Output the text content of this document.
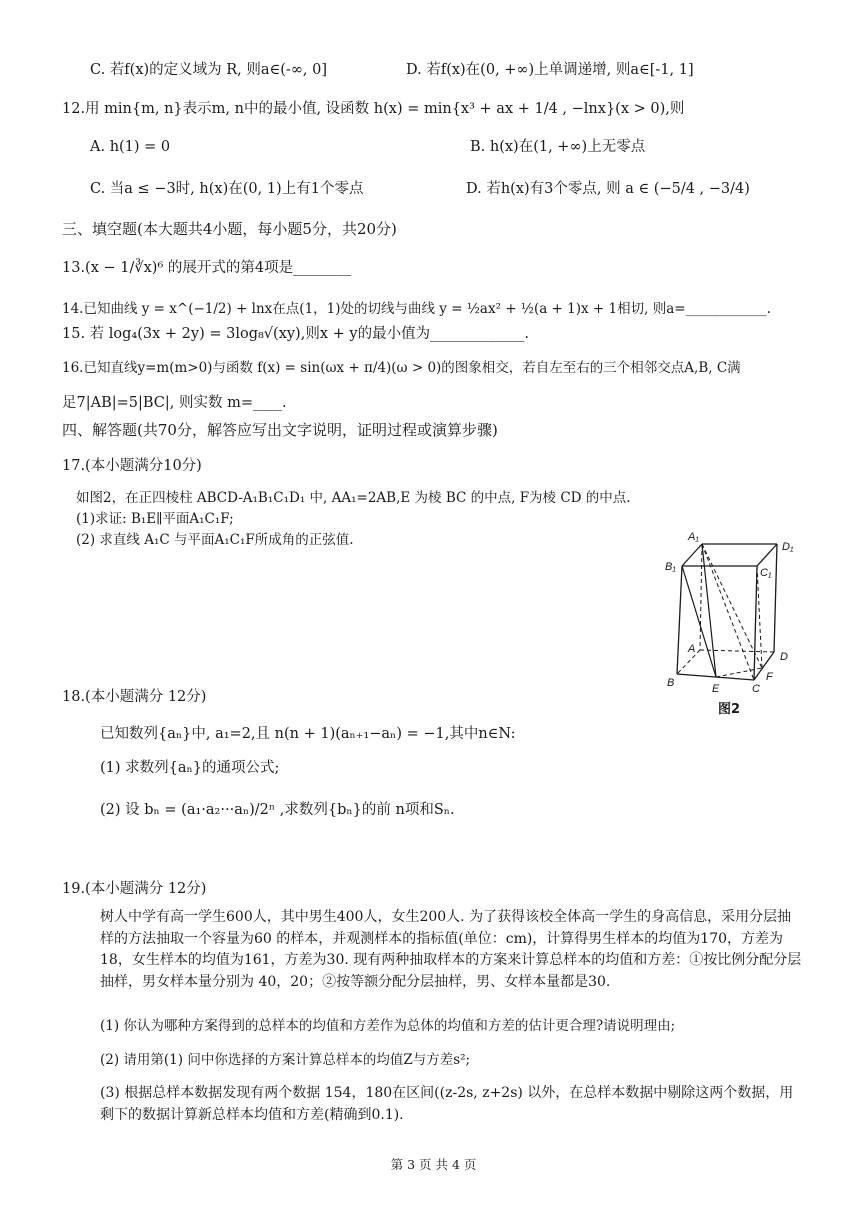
C. 若f(x)的定义域为 R, 则a∈(-∞, 0]	D. 若f(x)在(0, +∞)上单调递增, 则a∈[-1, 1]
12.用 min{m, n}表示m, n中的最小值, 设函数 h(x) = min{x³ + ax + 1/4 , −lnx}(x > 0),则
A. h(1) = 0	B. h(x)在(1, +∞)上无零点
C. 当a ≤ −3时, h(x)在(0, 1)上有1个零点	D. 若h(x)有3个零点, 则 a ∈ (−5/4 , −3/4)
三、填空题(本大题共4小题，每小题5分，共20分)
13.(x − 1/∛x)⁶ 的展开式的第4项是________
14.已知曲线 y = x^(−1/2) + lnx在点(1，1)处的切线与曲线 y = ½ax² + ½(a + 1)x + 1相切, 则a=____________.
15. 若 log₄(3x + 2y) = 3log₈√(xy),则x + y的最小值为_____________.
16.已知直线y=m(m>0)与函数 f(x) = sin(ωx + π/4)(ω > 0)的图象相交，若自左至右的三个相邻交点A,B, C满
足7|AB|=5|BC|, 则实数 m=____.
四、解答题(共70分，解答应写出文字说明，证明过程或演算步骤)
17.(本小题满分10分)
如图2，在正四棱柱 ABCD-A₁B₁C₁D₁ 中, AA₁=2AB,E 为棱 BC 的中点, F为棱 CD 的中点.
(1)求证: B₁E∥平面A₁C₁F;
(2) 求直线 A₁C 与平面A₁C₁F所成角的正弦值.	A₁
D₁
B₁	C₁
A
D
B	E	C
F
图2
18.(本小题满分 12分)
已知数列{aₙ}中, a₁=2,且 n(n + 1)(aₙ₊₁−aₙ) = −1,其中n∈N:
(1) 求数列{aₙ}的通项公式;
(2) 设 bₙ = (a₁·a₂···aₙ)/2ⁿ ,求数列{bₙ}的前 n项和Sₙ.
19.(本小题满分 12分)
树人中学有高一学生600人，其中男生400人，女生200人. 为了获得该校全体高一学生的身高信息，采用分层抽样的方法抽取一个容量为60 的样本，并观测样本的指标值(单位：cm)，计算得男生样本的均值为170，方差为18，女生样本的均值为161，方差为30. 现有两种抽取样本的方案来计算总样本的均值和方差：①按比例分配分层抽样，男女样本量分别为 40，20；②按等额分配分层抽样，男、女样本量都是30.
(1) 你认为哪种方案得到的总样本的均值和方差作为总体的均值和方差的估计更合理?请说明理由;
(2) 请用第(1) 问中你选择的方案计算总样本的均值Z与方差s²;
(3) 根据总样本数据发现有两个数据 154，180在区间((z-2s, z+2s) 以外，在总样本数据中剔除这两个数据，用剩下的数据计算新总样本均值和方差(精确到0.1).
第 3 页 共 4 页
